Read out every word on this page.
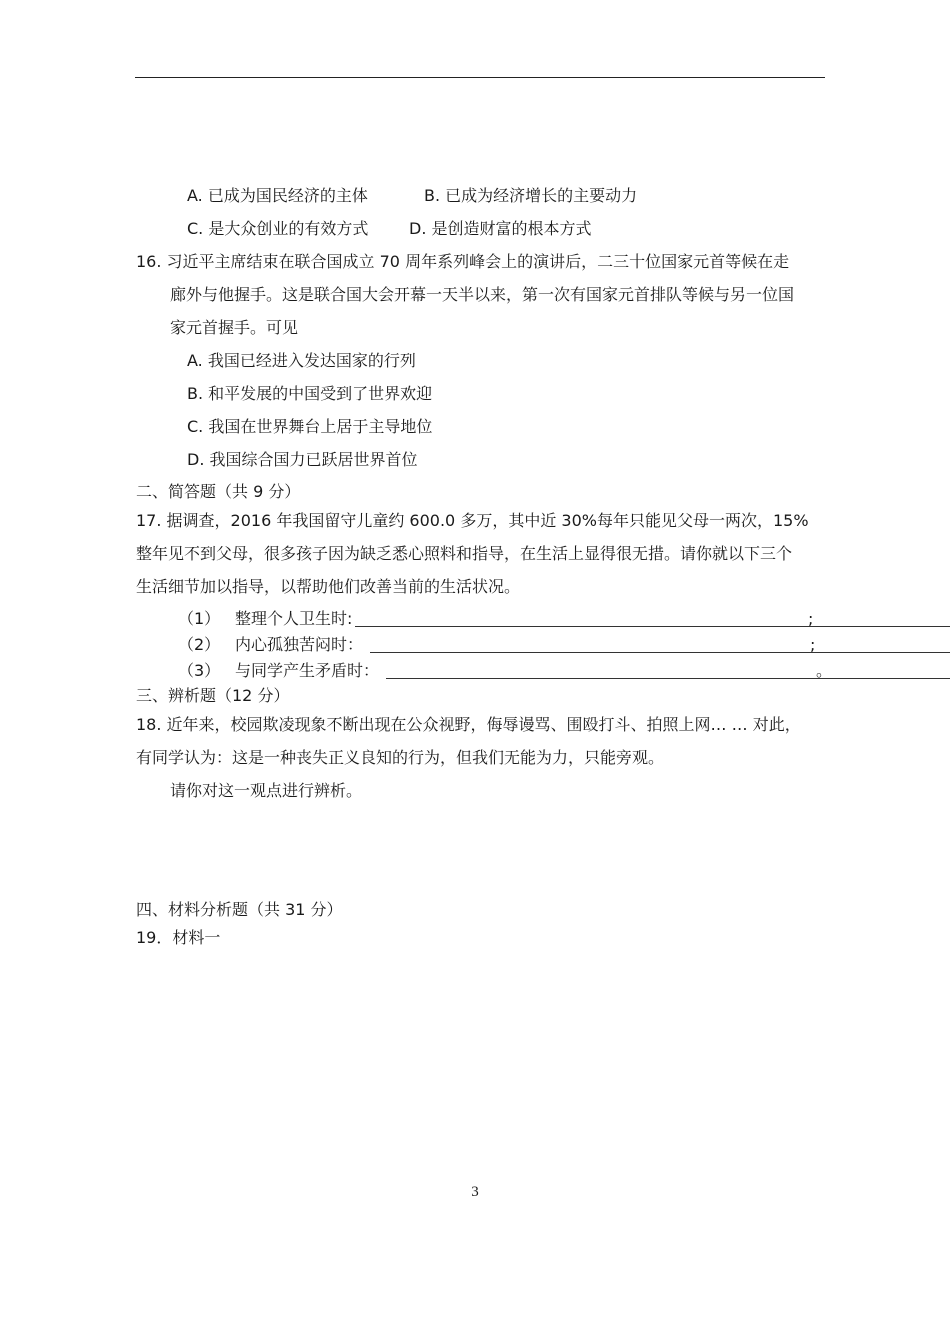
A. 已成为国民经济的主体	B. 已成为经济增长的主要动力
C. 是大众创业的有效方式	D. 是创造财富的根本方式
16. 习近平主席结束在联合国成立 70 周年系列峰会上的演讲后，二三十位国家元首等候在走
廊外与他握手。这是联合国大会开幕一天半以来，第一次有国家元首排队等候与另一位国
家元首握手。可见
A. 我国已经进入发达国家的行列
B. 和平发展的中国受到了世界欢迎
C. 我国在世界舞台上居于主导地位
D. 我国综合国力已跃居世界首位
二、简答题（共 9 分）
17. 据调查，2016 年我国留守儿童约 600.0 多万，其中近 30%每年只能见父母一两次，15%
整年见不到父母，很多孩子因为缺乏悉心照料和指导，在生活上显得很无措。请你就以下三个
生活细节加以指导，以帮助他们改善当前的生活状况。
（1） 整理个人卫生时:	;
（2） 内心孤独苦闷时：	;
（3） 与同学产生矛盾时：	。
三、辨析题（12 分）
18. 近年来，校园欺凌现象不断出现在公众视野，侮辱谩骂、围殴打斗、拍照上网… … 对此，
有同学认为：这是一种丧失正义良知的行为，但我们无能为力，只能旁观。
请你对这一观点进行辨析。
四、材料分析题（共 31 分）
19．材料一
3
